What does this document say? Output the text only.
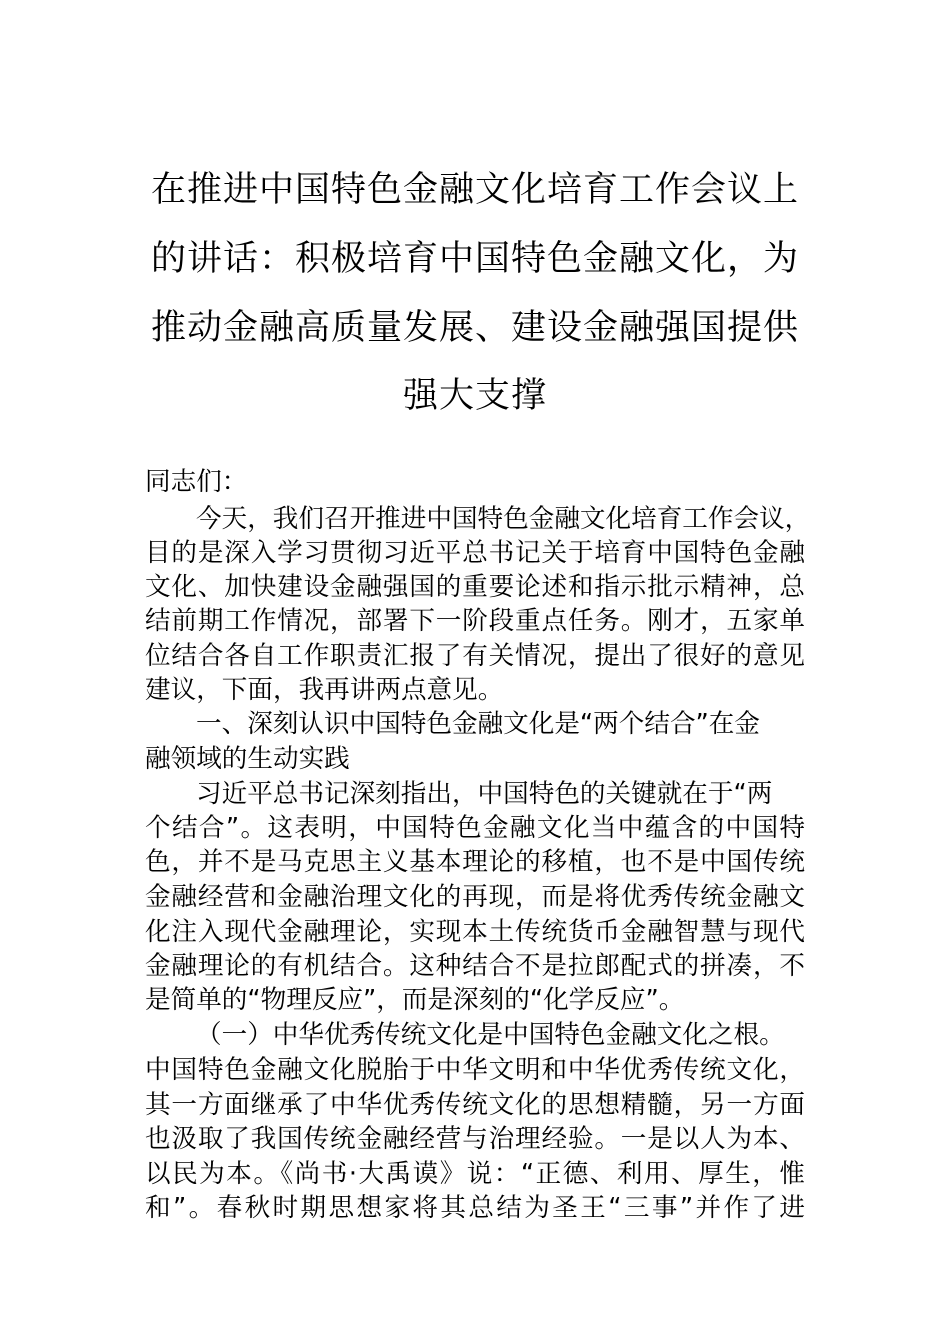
在推进中国特色金融文化培育工作会议上
的讲话：积极培育中国特色金融文化，为
推动金融高质量发展、建设金融强国提供
强大支撑
同志们：
今天，我们召开推进中国特色金融文化培育工作会议，
目的是深入学习贯彻习近平总书记关于培育中国特色金融
文化、加快建设金融强国的重要论述和指示批示精神，总
结前期工作情况，部署下一阶段重点任务。刚才，五家单
位结合各自工作职责汇报了有关情况，提出了很好的意见
建议，下面，我再讲两点意见。
一、深刻认识中国特色金融文化是“两个结合”在金
融领域的生动实践
习近平总书记深刻指出，中国特色的关键就在于“两
个结合”。这表明，中国特色金融文化当中蕴含的中国特
色，并不是马克思主义基本理论的移植，也不是中国传统
金融经营和金融治理文化的再现，而是将优秀传统金融文
化注入现代金融理论，实现本土传统货币金融智慧与现代
金融理论的有机结合。这种结合不是拉郎配式的拼凑，不
是简单的“物理反应”，而是深刻的“化学反应”。
（一）中华优秀传统文化是中国特色金融文化之根。
中国特色金融文化脱胎于中华文明和中华优秀传统文化，
其一方面继承了中华优秀传统文化的思想精髓，另一方面
也汲取了我国传统金融经营与治理经验。一是以人为本、
以民为本。《尚书·大禹谟》说：“正德、利用、厚生，惟
和”。春秋时期思想家将其总结为圣王“三事”并作了进
